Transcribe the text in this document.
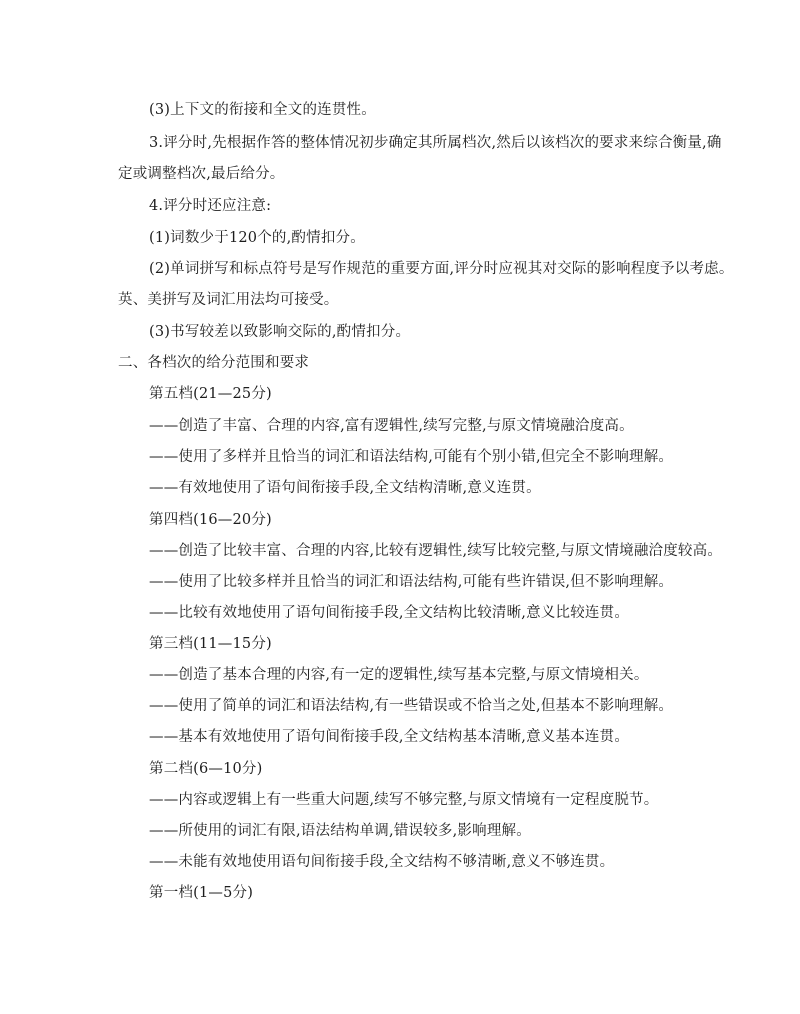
(3)上下文的衔接和全文的连贯性。
3.评分时,先根据作答的整体情况初步确定其所属档次,然后以该档次的要求来综合衡量,确
定或调整档次,最后给分。
4.评分时还应注意:
(1)词数少于120个的,酌情扣分。
(2)单词拼写和标点符号是写作规范的重要方面,评分时应视其对交际的影响程度予以考虑。
英、美拼写及词汇用法均可接受。
(3)书写较差以致影响交际的,酌情扣分。
二、各档次的给分范围和要求
第五档(21—25分)
——创造了丰富、合理的内容,富有逻辑性,续写完整,与原文情境融洽度高。
——使用了多样并且恰当的词汇和语法结构,可能有个别小错,但完全不影响理解。
——有效地使用了语句间衔接手段,全文结构清晰,意义连贯。
第四档(16—20分)
——创造了比较丰富、合理的内容,比较有逻辑性,续写比较完整,与原文情境融洽度较高。
——使用了比较多样并且恰当的词汇和语法结构,可能有些许错误,但不影响理解。
——比较有效地使用了语句间衔接手段,全文结构比较清晰,意义比较连贯。
第三档(11—15分)
——创造了基本合理的内容,有一定的逻辑性,续写基本完整,与原文情境相关。
——使用了简单的词汇和语法结构,有一些错误或不恰当之处,但基本不影响理解。
——基本有效地使用了语句间衔接手段,全文结构基本清晰,意义基本连贯。
第二档(6—10分)
——内容或逻辑上有一些重大问题,续写不够完整,与原文情境有一定程度脱节。
——所使用的词汇有限,语法结构单调,错误较多,影响理解。
——未能有效地使用语句间衔接手段,全文结构不够清晰,意义不够连贯。
第一档(1—5分)
